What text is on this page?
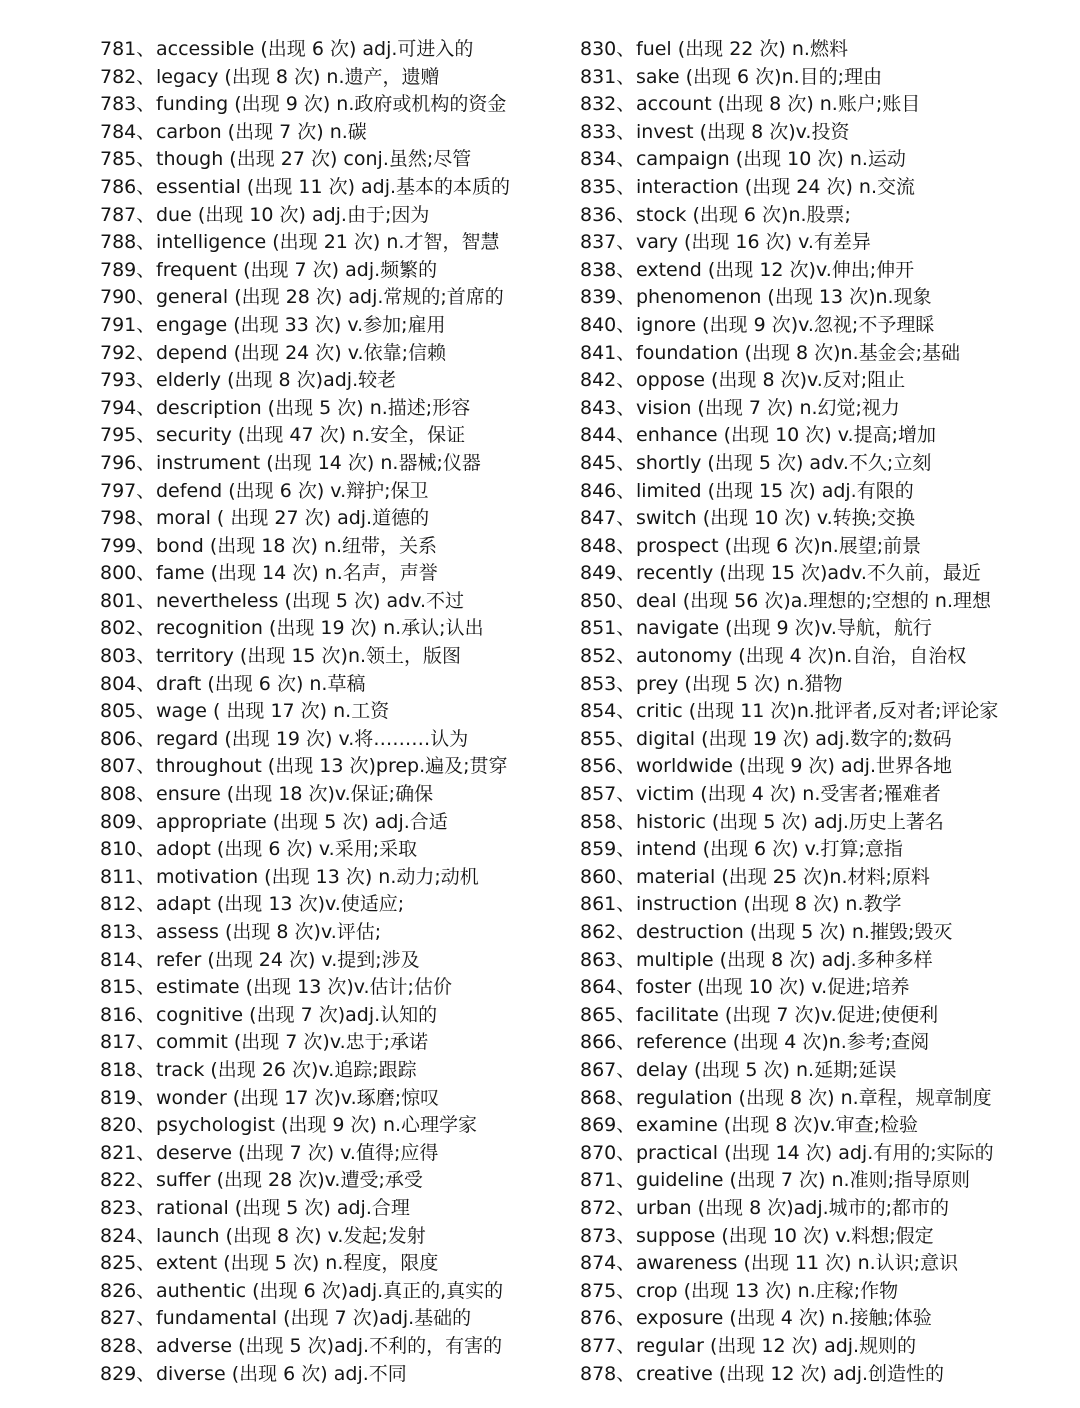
781、 accessible (出现 6 次) adj.可进入的
782、 legacy (出现 8 次) n.遗产，遗赠
783、 funding (出现 9 次) n.政府或机构的资金
784、 carbon (出现 7 次) n.碳
785、 though (出现 27 次) conj.虽然;尽管
786、 essential (出现 11 次) adj.基本的本质的
787、 due (出现 10 次) adj.由于;因为
788、 intelligence (出现 21 次) n.才智，智慧
789、 frequent (出现 7 次) adj.频繁的
790、 general (出现 28 次) adj.常规的;首席的
791、 engage (出现 33 次) v.参加;雇用
792、 depend (出现 24 次) v.依靠;信赖
793、 elderly (出现 8 次)adj.较老
794、 description (出现 5 次) n.描述;形容
795、 security (出现 47 次) n.安全，保证
796、 instrument (出现 14 次) n.器械;仪器
797、 defend (出现 6 次) v.辩护;保卫
798、 moral ( 出现 27 次) adj.道德的
799、 bond (出现 18 次) n.纽带，关系
800、 fame (出现 14 次) n.名声，声誉
801、 nevertheless (出现 5 次) adv.不过
802、 recognition (出现 19 次) n.承认;认出
803、 territory (出现 15 次)n.领土，版图
804、 draft (出现 6 次) n.草稿
805、 wage ( 出现 17 次) n.工资
806、 regard (出现 19 次) v.将………认为
807、 throughout (出现 13 次)prep.遍及;贯穿
808、 ensure (出现 18 次)v.保证;确保
809、 appropriate (出现 5 次) adj.合适
810、 adopt (出现 6 次) v.采用;采取
811、 motivation (出现 13 次) n.动力;动机
812、 adapt (出现 13 次)v.使适应;
813、 assess (出现 8 次)v.评估;
814、 refer (出现 24 次) v.提到;涉及
815、 estimate (出现 13 次)v.估计;估价
816、 cognitive (出现 7 次)adj.认知的
817、 commit (出现 7 次)v.忠于;承诺
818、 track (出现 26 次)v.追踪;跟踪
819、 wonder (出现 17 次)v.琢磨;惊叹
820、 psychologist (出现 9 次) n.心理学家
821、 deserve (出现 7 次) v.值得;应得
822、 suffer (出现 28 次)v.遭受;承受
823、 rational (出现 5 次) adj.合理
824、 launch (出现 8 次) v.发起;发射
825、 extent (出现 5 次) n.程度，限度
826、 authentic (出现 6 次)adj.真正的,真实的
827、 fundamental (出现 7 次)adj.基础的
828、 adverse (出现 5 次)adj.不利的，有害的
829、 diverse (出现 6 次) adj.不同
830、 fuel (出现 22 次) n.燃料
831、 sake (出现 6 次)n.目的;理由
832、 account (出现 8 次) n.账户;账目
833、 invest (出现 8 次)v.投资
834、 campaign (出现 10 次) n.运动
835、 interaction (出现 24 次) n.交流
836、 stock (出现 6 次)n.股票;
837、 vary (出现 16 次) v.有差异
838、 extend (出现 12 次)v.伸出;伸开
839、 phenomenon (出现 13 次)n.现象
840、 ignore (出现 9 次)v.忽视;不予理睬
841、 foundation (出现 8 次)n.基金会;基础
842、 oppose (出现 8 次)v.反对;阻止
843、 vision (出现 7 次) n.幻觉;视力
844、 enhance (出现 10 次) v.提高;增加
845、 shortly (出现 5 次) adv.不久;立刻
846、 limited (出现 15 次) adj.有限的
847、 switch (出现 10 次) v.转换;交换
848、 prospect (出现 6 次)n.展望;前景
849、 recently (出现 15 次)adv.不久前，最近
850、 deal (出现 56 次)a.理想的;空想的 n.理想
851、 navigate (出现 9 次)v.导航，航行
852、 autonomy (出现 4 次)n.自治，自治权
853、 prey (出现 5 次) n.猎物
854、 critic (出现 11 次)n.批评者,反对者;评论家
855、 digital (出现 19 次) adj.数字的;数码
856、 worldwide (出现 9 次) adj.世界各地
857、 victim (出现 4 次) n.受害者;罹难者
858、 historic (出现 5 次) adj.历史上著名
859、 intend (出现 6 次) v.打算;意指
860、 material (出现 25 次)n.材料;原料
861、 instruction (出现 8 次) n.教学
862、 destruction (出现 5 次) n.摧毁;毁灭
863、 multiple (出现 8 次) adj.多种多样
864、 foster (出现 10 次) v.促进;培养
865、 facilitate (出现 7 次)v.促进;使便利
866、 reference (出现 4 次)n.参考;查阅
867、 delay (出现 5 次) n.延期;延误
868、 regulation (出现 8 次) n.章程，规章制度
869、 examine (出现 8 次)v.审查;检验
870、 practical (出现 14 次) adj.有用的;实际的
871、 guideline (出现 7 次) n.准则;指导原则
872、 urban (出现 8 次)adj.城市的;都市的
873、 suppose (出现 10 次) v.料想;假定
874、 awareness (出现 11 次) n.认识;意识
875、 crop (出现 13 次) n.庄稼;作物
876、 exposure (出现 4 次) n.接触;体验
877、 regular (出现 12 次) adj.规则的
878、 creative (出现 12 次) adj.创造性的
